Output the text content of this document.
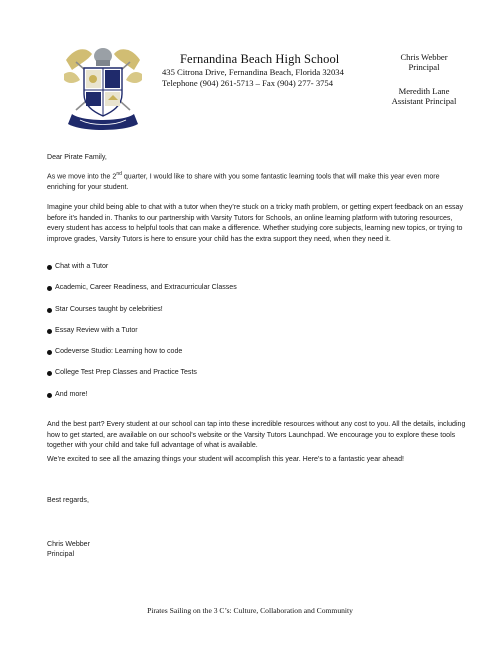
Fernandina Beach High School
435 Citrona Drive, Fernandina Beach, Florida 32034
Telephone (904) 261-5713 – Fax (904) 277- 3754
Chris Webber
Principal
Meredith Lane
Assistant Principal
Dear Pirate Family,

As we move into the 2nd quarter, I would like to share with you some fantastic learning tools that will make this year even more enriching for your student.

Imagine your child being able to chat with a tutor when they’re stuck on a tricky math problem, or getting expert feedback on an essay before it’s handed in. Thanks to our partnership with Varsity Tutors for Schools, an online learning platform with tutoring resources, every student has access to helpful tools that can make a difference. Whether studying core subjects, learning new topics, or trying to improve grades, Varsity Tutors is here to ensure your child has the extra support they need, when they need it.

Chat with a Tutor
Academic, Career Readiness, and Extracurricular Classes
Star Courses taught by celebrities!
Essay Review with a Tutor
Codeverse Studio: Learning how to code
College Test Prep Classes and Practice Tests
And more!

And the best part? Every student at our school can tap into these incredible resources without any cost to you. All the details, including how to get started, are available on our school’s website or the Varsity Tutors Launchpad. We encourage you to explore these tools together with your child and take full advantage of what is available.

We’re excited to see all the amazing things your student will accomplish this year. Here’s to a fantastic year ahead!

Best regards,
Chris Webber
Principal
Pirates Sailing on the 3 C’s: Culture, Collaboration and Community
